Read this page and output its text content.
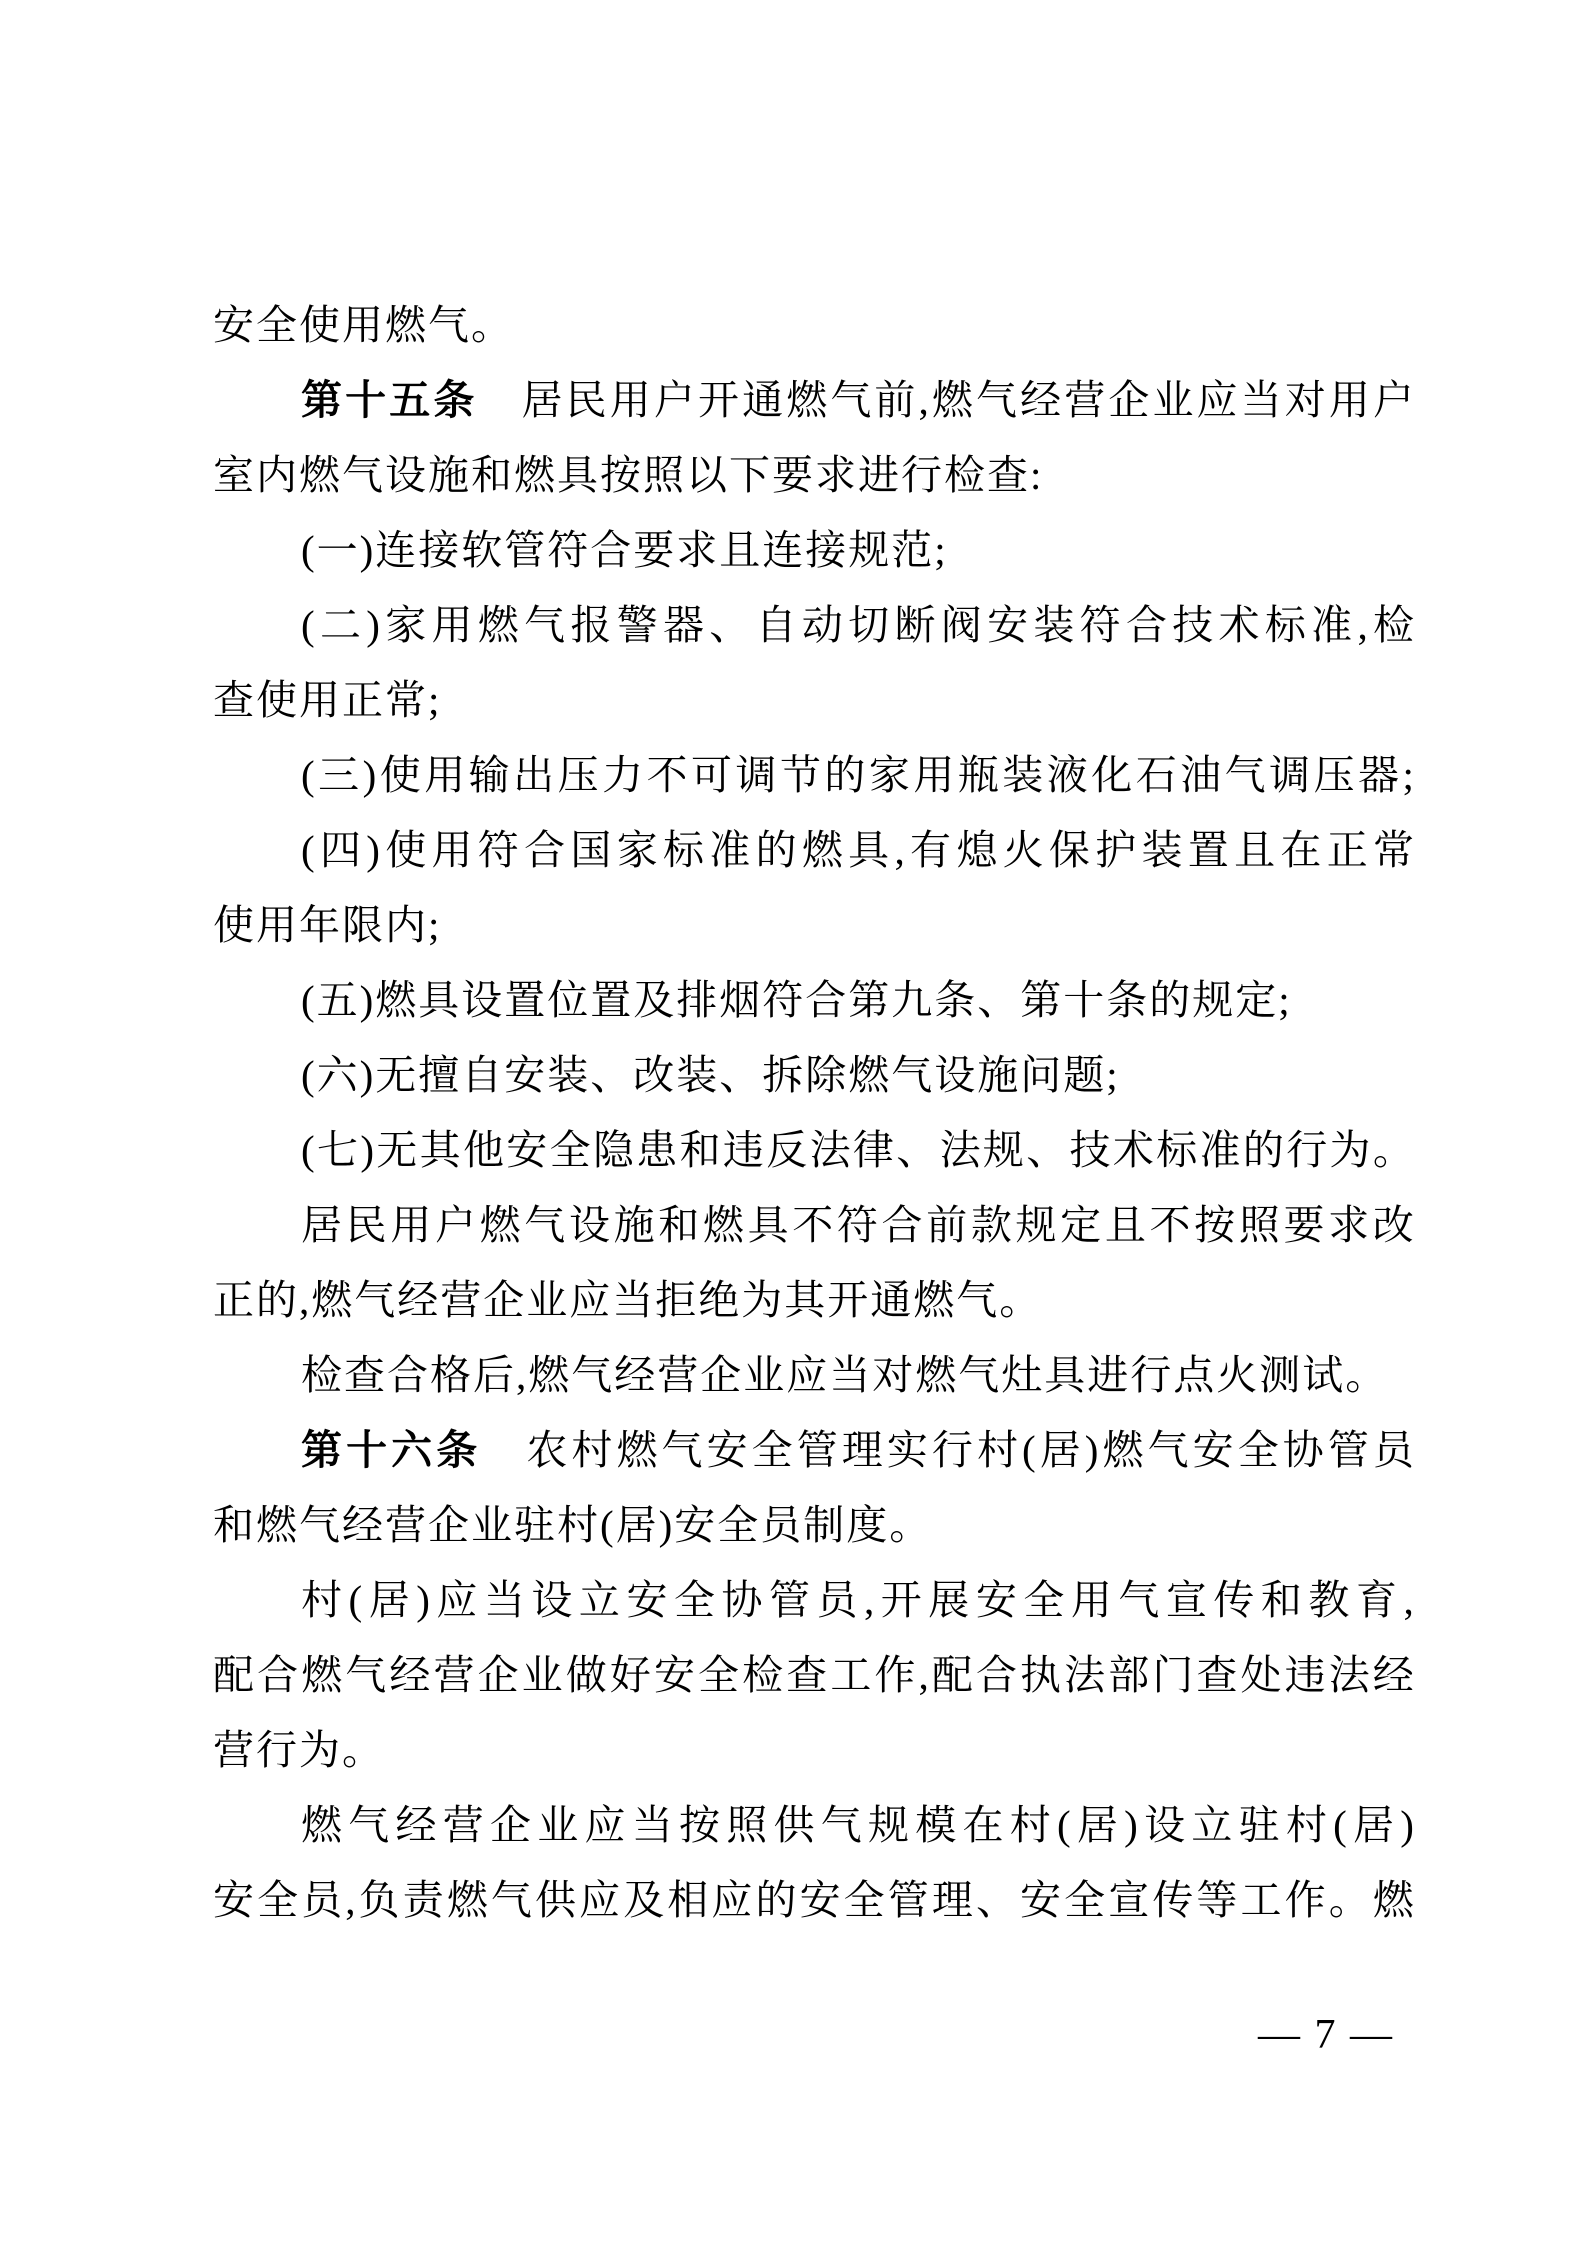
安全使用燃气。
第 十 五 条
　 居 民 用 户 开 通 燃 气 前 , 燃 气 经 营 企 业 应 当 对 用 户
室内燃气设施和燃具按照以下要求进行检查:
(一)连接软管符合要求且连接规范;
( 二 ) 家 用 燃 气 报 警 器 、 自 动 切 断 阀 安 装 符 合 技 术 标 准 , 检
查使用正常;
( 三 ) 使 用 输 出 压 力 不 可 调 节 的 家 用 瓶 装 液 化 石 油 气 调 压 器 ;
( 四 ) 使 用 符 合 国 家 标 准 的 燃 具 , 有 熄 火 保 护 装 置 且 在 正 常
使用年限内;
(五)燃具设置位置及排烟符合第九条、第十条的规定;
(六)无擅自安装、改装、拆除燃气设施问题;
( 七 ) 无 其 他 安 全 隐 患 和 违 反 法 律 、 法 规 、 技 术 标 准 的 行 为 。
居 民 用 户 燃 气 设 施 和 燃 具 不 符 合 前 款 规 定 且 不 按 照 要 求 改
正的,燃气经营企业应当拒绝为其开通燃气。
检查合格后,燃气经营企业应当对燃气灶具进行点火测试。
第 十 六 条
　 农 村 燃 气 安 全 管 理 实 行 村 ( 居 ) 燃 气 安 全 协 管 员
和燃气经营企业驻村(居)安全员制度。
村 ( 居 ) 应 当 设 立 安 全 协 管 员 , 开 展 安 全 用 气 宣 传 和 教 育 ,
配 合 燃 气 经 营 企 业 做 好 安 全 检 查 工 作 , 配 合 执 法 部 门 查 处 违 法 经
营行为。
燃 气 经 营 企 业 应 当 按 照 供 气 规 模 在 村 ( 居 ) 设 立 驻 村 ( 居 )
安 全 员 , 负 责 燃 气 供 应 及 相 应 的 安 全 管 理 、 安 全 宣 传 等 工 作 。 燃
— 7 —
